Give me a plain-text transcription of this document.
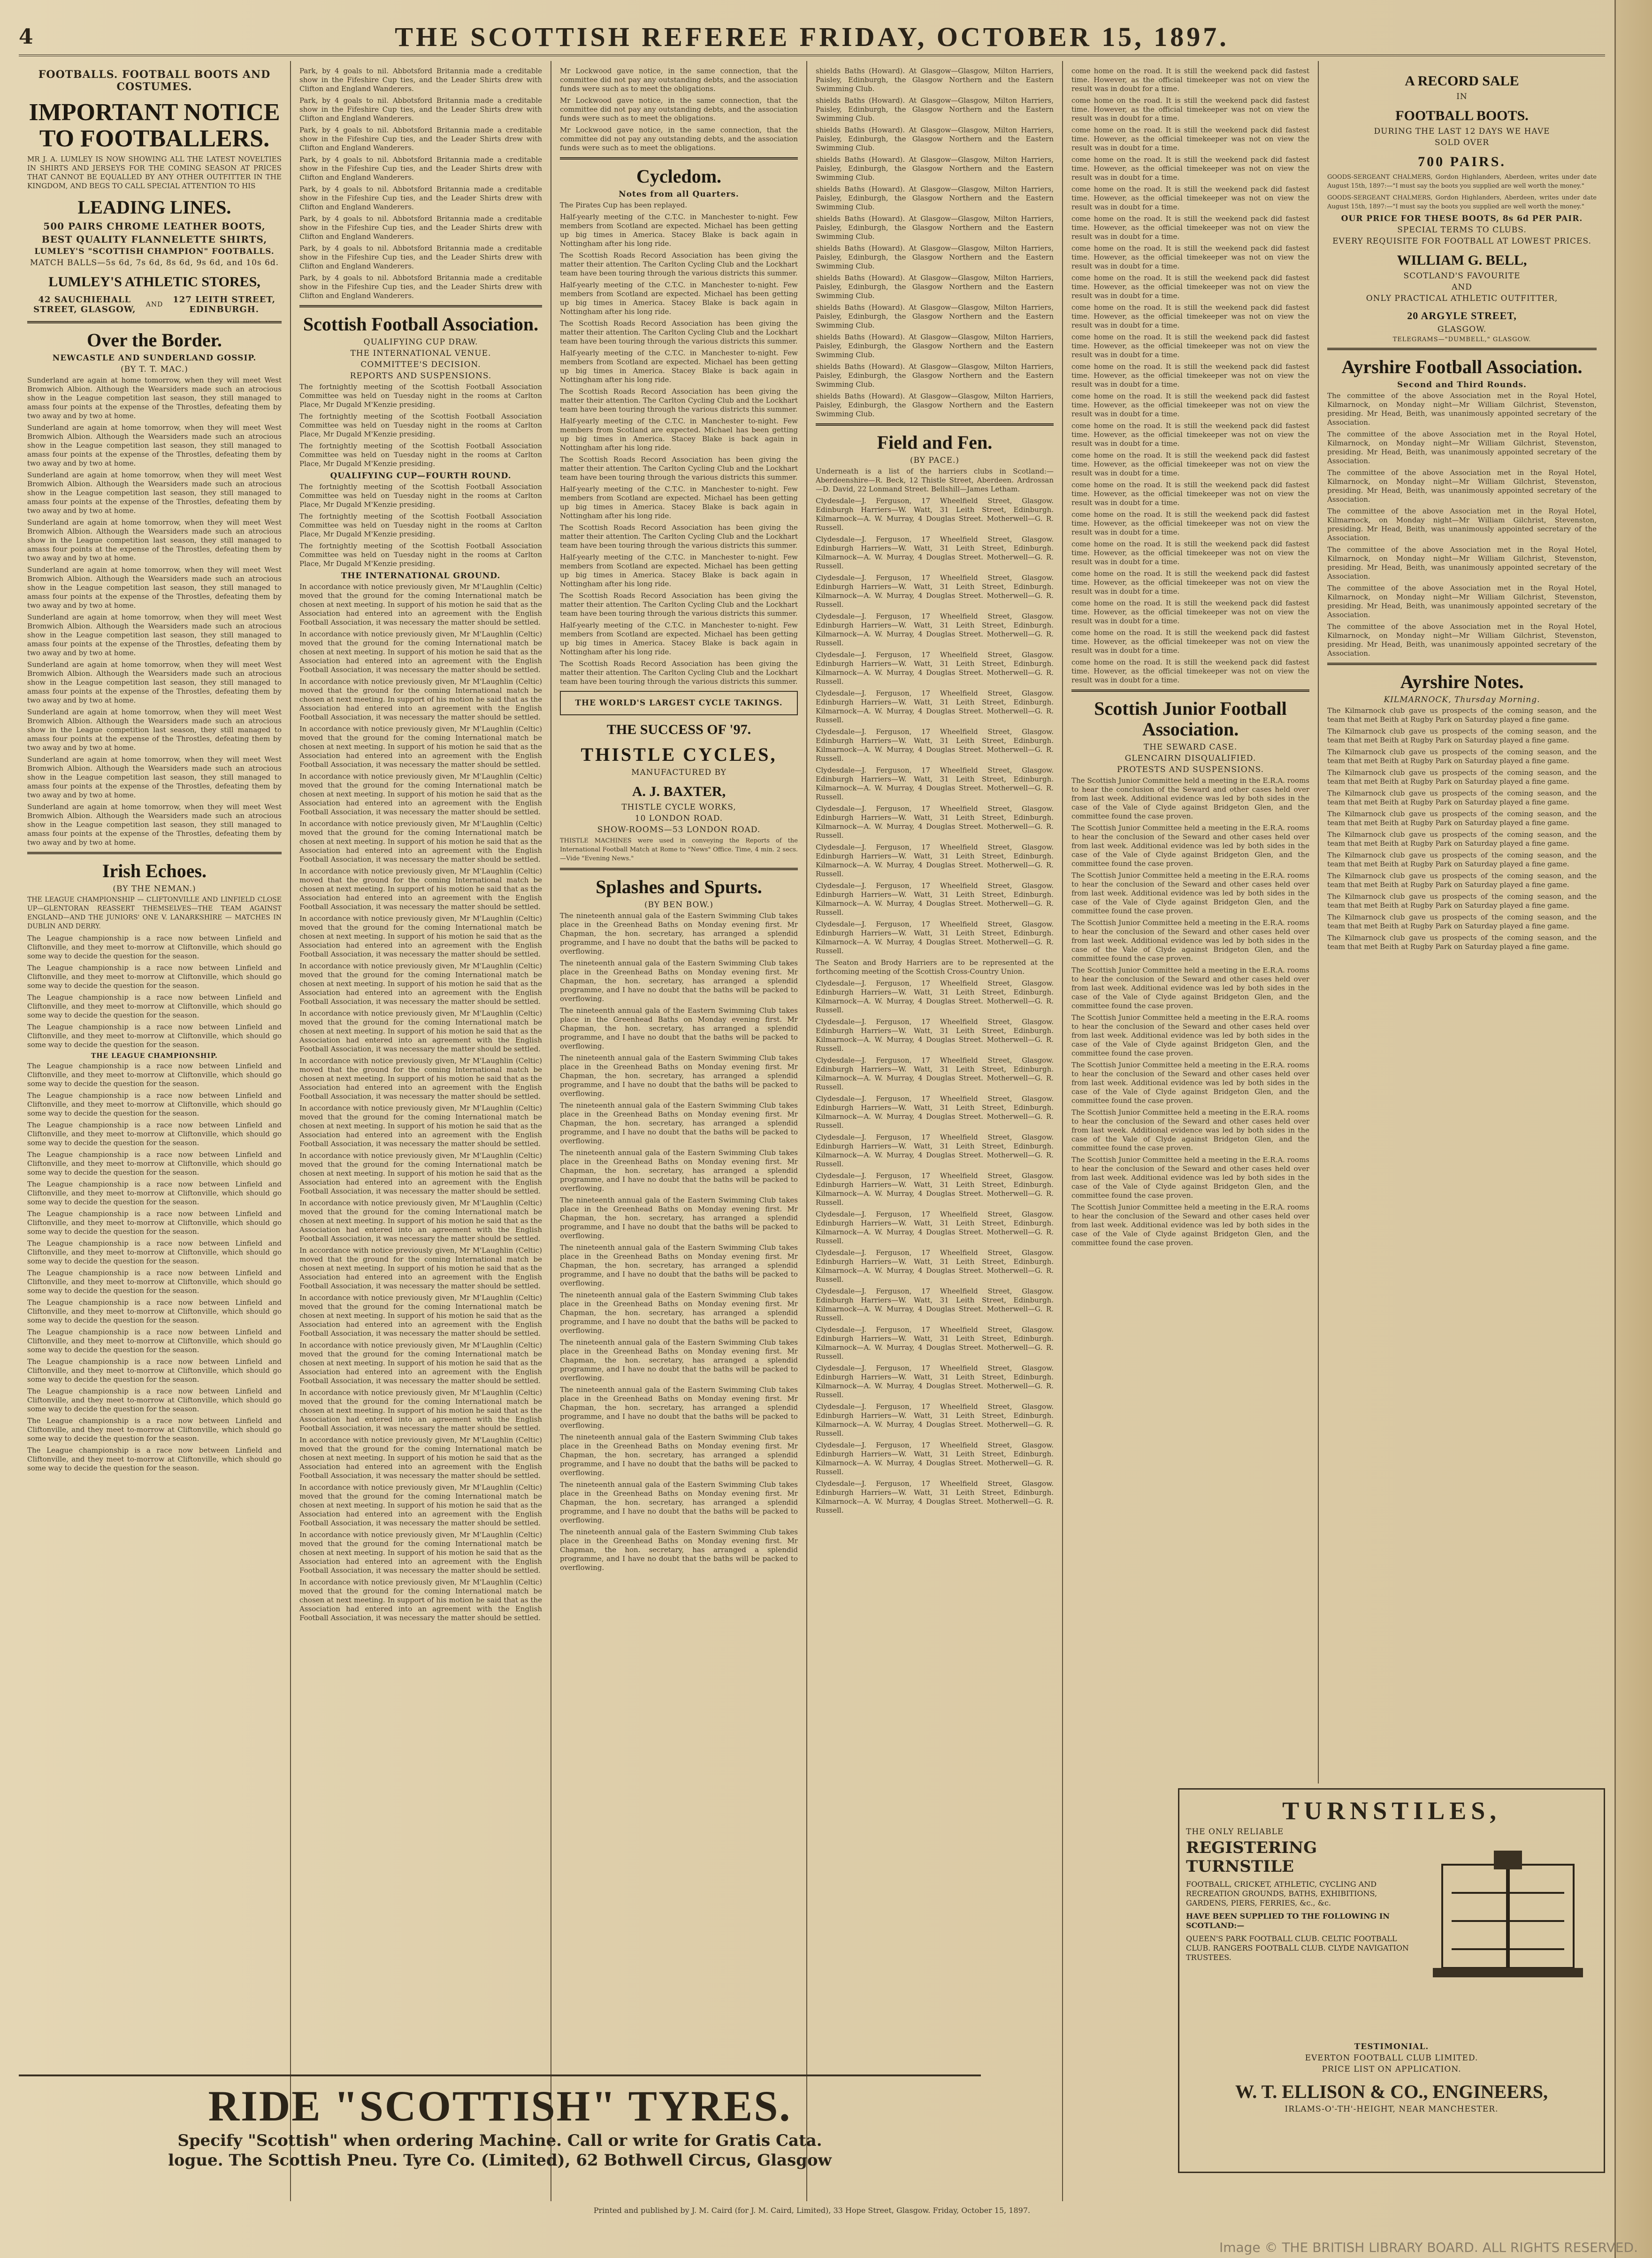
4	THE SCOTTISH REFEREE FRIDAY, OCTOBER 15, 1897.
FOOTBALLS. FOOTBALL BOOTS AND COSTUMES.
IMPORTANT NOTICE TO FOOTBALLERS.

MR J. A. LUMLEY IS NOW SHOWING ALL THE LATEST NOVELTIES IN SHIRTS AND JERSEYS FOR THE COMING SEASON AT PRICES THAT CANNOT BE EQUALLED BY ANY OTHER OUTFITTER IN THE KINGDOM, AND BEGS TO CALL SPECIAL ATTENTION TO HIS

LEADING LINES.
500 PAIRS CHROME LEATHER BOOTS,
BEST QUALITY FLANNELETTE SHIRTS,
LUMLEY'S "SCOTTISH CHAMPION" FOOTBALLS.
MATCH BALLS—5s 6d, 7s 6d, 8s 6d, 9s 6d, and 10s 6d.
LUMLEY'S ATHLETIC STORES,
42 SAUCHIEHALL STREET, GLASGOW,	AND	127 LEITH STREET, EDINBURGH.
Over the Border.
NEWCASTLE AND SUNDERLAND GOSSIP.
(BY T. T. MAC.)

Sunderland are again at home tomorrow, when they will meet West Bromwich Albion. Although the Wearsiders made such an atrocious show in the League competition last season, they still managed to amass four points at the expense of the Throstles, defeating them by two away and by two at home.

Sunderland are again at home tomorrow, when they will meet West Bromwich Albion. Although the Wearsiders made such an atrocious show in the League competition last season, they still managed to amass four points at the expense of the Throstles, defeating them by two away and by two at home.

Sunderland are again at home tomorrow, when they will meet West Bromwich Albion. Although the Wearsiders made such an atrocious show in the League competition last season, they still managed to amass four points at the expense of the Throstles, defeating them by two away and by two at home.

Sunderland are again at home tomorrow, when they will meet West Bromwich Albion. Although the Wearsiders made such an atrocious show in the League competition last season, they still managed to amass four points at the expense of the Throstles, defeating them by two away and by two at home.

Sunderland are again at home tomorrow, when they will meet West Bromwich Albion. Although the Wearsiders made such an atrocious show in the League competition last season, they still managed to amass four points at the expense of the Throstles, defeating them by two away and by two at home.

Sunderland are again at home tomorrow, when they will meet West Bromwich Albion. Although the Wearsiders made such an atrocious show in the League competition last season, they still managed to amass four points at the expense of the Throstles, defeating them by two away and by two at home.

Sunderland are again at home tomorrow, when they will meet West Bromwich Albion. Although the Wearsiders made such an atrocious show in the League competition last season, they still managed to amass four points at the expense of the Throstles, defeating them by two away and by two at home.

Sunderland are again at home tomorrow, when they will meet West Bromwich Albion. Although the Wearsiders made such an atrocious show in the League competition last season, they still managed to amass four points at the expense of the Throstles, defeating them by two away and by two at home.

Sunderland are again at home tomorrow, when they will meet West Bromwich Albion. Although the Wearsiders made such an atrocious show in the League competition last season, they still managed to amass four points at the expense of the Throstles, defeating them by two away and by two at home.

Sunderland are again at home tomorrow, when they will meet West Bromwich Albion. Although the Wearsiders made such an atrocious show in the League competition last season, they still managed to amass four points at the expense of the Throstles, defeating them by two away and by two at home.

Irish Echoes.
(BY THE NEMAN.)

THE LEAGUE CHAMPIONSHIP — CLIFTONVILLE AND LINFIELD CLOSE UP—GLENTORAN REASSERT THEMSELVES—THE TEAM AGAINST ENGLAND—AND THE JUNIORS' ONE V. LANARKSHIRE — MATCHES IN DUBLIN AND DERRY.

The League championship is a race now between Linfield and Cliftonville, and they meet to-morrow at Cliftonville, which should go some way to decide the question for the season.

The League championship is a race now between Linfield and Cliftonville, and they meet to-morrow at Cliftonville, which should go some way to decide the question for the season.

The League championship is a race now between Linfield and Cliftonville, and they meet to-morrow at Cliftonville, which should go some way to decide the question for the season.

The League championship is a race now between Linfield and Cliftonville, and they meet to-morrow at Cliftonville, which should go some way to decide the question for the season.

THE LEAGUE CHAMPIONSHIP.

The League championship is a race now between Linfield and Cliftonville, and they meet to-morrow at Cliftonville, which should go some way to decide the question for the season.

The League championship is a race now between Linfield and Cliftonville, and they meet to-morrow at Cliftonville, which should go some way to decide the question for the season.

The League championship is a race now between Linfield and Cliftonville, and they meet to-morrow at Cliftonville, which should go some way to decide the question for the season.

The League championship is a race now between Linfield and Cliftonville, and they meet to-morrow at Cliftonville, which should go some way to decide the question for the season.

The League championship is a race now between Linfield and Cliftonville, and they meet to-morrow at Cliftonville, which should go some way to decide the question for the season.

The League championship is a race now between Linfield and Cliftonville, and they meet to-morrow at Cliftonville, which should go some way to decide the question for the season.

The League championship is a race now between Linfield and Cliftonville, and they meet to-morrow at Cliftonville, which should go some way to decide the question for the season.

The League championship is a race now between Linfield and Cliftonville, and they meet to-morrow at Cliftonville, which should go some way to decide the question for the season.

The League championship is a race now between Linfield and Cliftonville, and they meet to-morrow at Cliftonville, which should go some way to decide the question for the season.

The League championship is a race now between Linfield and Cliftonville, and they meet to-morrow at Cliftonville, which should go some way to decide the question for the season.

The League championship is a race now between Linfield and Cliftonville, and they meet to-morrow at Cliftonville, which should go some way to decide the question for the season.

The League championship is a race now between Linfield and Cliftonville, and they meet to-morrow at Cliftonville, which should go some way to decide the question for the season.

The League championship is a race now between Linfield and Cliftonville, and they meet to-morrow at Cliftonville, which should go some way to decide the question for the season.

The League championship is a race now between Linfield and Cliftonville, and they meet to-morrow at Cliftonville, which should go some way to decide the question for the season.

Park, by 4 goals to nil. Abbotsford Britannia made a creditable show in the Fifeshire Cup ties, and the Leader Shirts drew with Clifton and England Wanderers.

Park, by 4 goals to nil. Abbotsford Britannia made a creditable show in the Fifeshire Cup ties, and the Leader Shirts drew with Clifton and England Wanderers.

Park, by 4 goals to nil. Abbotsford Britannia made a creditable show in the Fifeshire Cup ties, and the Leader Shirts drew with Clifton and England Wanderers.

Park, by 4 goals to nil. Abbotsford Britannia made a creditable show in the Fifeshire Cup ties, and the Leader Shirts drew with Clifton and England Wanderers.

Park, by 4 goals to nil. Abbotsford Britannia made a creditable show in the Fifeshire Cup ties, and the Leader Shirts drew with Clifton and England Wanderers.

Park, by 4 goals to nil. Abbotsford Britannia made a creditable show in the Fifeshire Cup ties, and the Leader Shirts drew with Clifton and England Wanderers.

Park, by 4 goals to nil. Abbotsford Britannia made a creditable show in the Fifeshire Cup ties, and the Leader Shirts drew with Clifton and England Wanderers.

Park, by 4 goals to nil. Abbotsford Britannia made a creditable show in the Fifeshire Cup ties, and the Leader Shirts drew with Clifton and England Wanderers.

Scottish Football Association.
QUALIFYING CUP DRAW.
THE INTERNATIONAL VENUE.
COMMITTEE'S DECISION.
REPORTS AND SUSPENSIONS.

The fortnightly meeting of the Scottish Football Association Committee was held on Tuesday night in the rooms at Carlton Place, Mr Dugald M'Kenzie presiding.

The fortnightly meeting of the Scottish Football Association Committee was held on Tuesday night in the rooms at Carlton Place, Mr Dugald M'Kenzie presiding.

The fortnightly meeting of the Scottish Football Association Committee was held on Tuesday night in the rooms at Carlton Place, Mr Dugald M'Kenzie presiding.

QUALIFYING CUP—FOURTH ROUND.

The fortnightly meeting of the Scottish Football Association Committee was held on Tuesday night in the rooms at Carlton Place, Mr Dugald M'Kenzie presiding.

The fortnightly meeting of the Scottish Football Association Committee was held on Tuesday night in the rooms at Carlton Place, Mr Dugald M'Kenzie presiding.

The fortnightly meeting of the Scottish Football Association Committee was held on Tuesday night in the rooms at Carlton Place, Mr Dugald M'Kenzie presiding.

THE INTERNATIONAL GROUND.

In accordance with notice previously given, Mr M'Laughlin (Celtic) moved that the ground for the coming International match be chosen at next meeting. In support of his motion he said that as the Association had entered into an agreement with the English Football Association, it was necessary the matter should be settled.

In accordance with notice previously given, Mr M'Laughlin (Celtic) moved that the ground for the coming International match be chosen at next meeting. In support of his motion he said that as the Association had entered into an agreement with the English Football Association, it was necessary the matter should be settled.

In accordance with notice previously given, Mr M'Laughlin (Celtic) moved that the ground for the coming International match be chosen at next meeting. In support of his motion he said that as the Association had entered into an agreement with the English Football Association, it was necessary the matter should be settled.

In accordance with notice previously given, Mr M'Laughlin (Celtic) moved that the ground for the coming International match be chosen at next meeting. In support of his motion he said that as the Association had entered into an agreement with the English Football Association, it was necessary the matter should be settled.

In accordance with notice previously given, Mr M'Laughlin (Celtic) moved that the ground for the coming International match be chosen at next meeting. In support of his motion he said that as the Association had entered into an agreement with the English Football Association, it was necessary the matter should be settled.

In accordance with notice previously given, Mr M'Laughlin (Celtic) moved that the ground for the coming International match be chosen at next meeting. In support of his motion he said that as the Association had entered into an agreement with the English Football Association, it was necessary the matter should be settled.

In accordance with notice previously given, Mr M'Laughlin (Celtic) moved that the ground for the coming International match be chosen at next meeting. In support of his motion he said that as the Association had entered into an agreement with the English Football Association, it was necessary the matter should be settled.

In accordance with notice previously given, Mr M'Laughlin (Celtic) moved that the ground for the coming International match be chosen at next meeting. In support of his motion he said that as the Association had entered into an agreement with the English Football Association, it was necessary the matter should be settled.

In accordance with notice previously given, Mr M'Laughlin (Celtic) moved that the ground for the coming International match be chosen at next meeting. In support of his motion he said that as the Association had entered into an agreement with the English Football Association, it was necessary the matter should be settled.

In accordance with notice previously given, Mr M'Laughlin (Celtic) moved that the ground for the coming International match be chosen at next meeting. In support of his motion he said that as the Association had entered into an agreement with the English Football Association, it was necessary the matter should be settled.

In accordance with notice previously given, Mr M'Laughlin (Celtic) moved that the ground for the coming International match be chosen at next meeting. In support of his motion he said that as the Association had entered into an agreement with the English Football Association, it was necessary the matter should be settled.

In accordance with notice previously given, Mr M'Laughlin (Celtic) moved that the ground for the coming International match be chosen at next meeting. In support of his motion he said that as the Association had entered into an agreement with the English Football Association, it was necessary the matter should be settled.

In accordance with notice previously given, Mr M'Laughlin (Celtic) moved that the ground for the coming International match be chosen at next meeting. In support of his motion he said that as the Association had entered into an agreement with the English Football Association, it was necessary the matter should be settled.

In accordance with notice previously given, Mr M'Laughlin (Celtic) moved that the ground for the coming International match be chosen at next meeting. In support of his motion he said that as the Association had entered into an agreement with the English Football Association, it was necessary the matter should be settled.

In accordance with notice previously given, Mr M'Laughlin (Celtic) moved that the ground for the coming International match be chosen at next meeting. In support of his motion he said that as the Association had entered into an agreement with the English Football Association, it was necessary the matter should be settled.

In accordance with notice previously given, Mr M'Laughlin (Celtic) moved that the ground for the coming International match be chosen at next meeting. In support of his motion he said that as the Association had entered into an agreement with the English Football Association, it was necessary the matter should be settled.

In accordance with notice previously given, Mr M'Laughlin (Celtic) moved that the ground for the coming International match be chosen at next meeting. In support of his motion he said that as the Association had entered into an agreement with the English Football Association, it was necessary the matter should be settled.

In accordance with notice previously given, Mr M'Laughlin (Celtic) moved that the ground for the coming International match be chosen at next meeting. In support of his motion he said that as the Association had entered into an agreement with the English Football Association, it was necessary the matter should be settled.

In accordance with notice previously given, Mr M'Laughlin (Celtic) moved that the ground for the coming International match be chosen at next meeting. In support of his motion he said that as the Association had entered into an agreement with the English Football Association, it was necessary the matter should be settled.

In accordance with notice previously given, Mr M'Laughlin (Celtic) moved that the ground for the coming International match be chosen at next meeting. In support of his motion he said that as the Association had entered into an agreement with the English Football Association, it was necessary the matter should be settled.

In accordance with notice previously given, Mr M'Laughlin (Celtic) moved that the ground for the coming International match be chosen at next meeting. In support of his motion he said that as the Association had entered into an agreement with the English Football Association, it was necessary the matter should be settled.

In accordance with notice previously given, Mr M'Laughlin (Celtic) moved that the ground for the coming International match be chosen at next meeting. In support of his motion he said that as the Association had entered into an agreement with the English Football Association, it was necessary the matter should be settled.

Mr Lockwood gave notice, in the same connection, that the committee did not pay any outstanding debts, and the association funds were such as to meet the obligations.

Mr Lockwood gave notice, in the same connection, that the committee did not pay any outstanding debts, and the association funds were such as to meet the obligations.

Mr Lockwood gave notice, in the same connection, that the committee did not pay any outstanding debts, and the association funds were such as to meet the obligations.

Cycledom.
Notes from all Quarters.

The Pirates Cup has been replayed.

Half-yearly meeting of the C.T.C. in Manchester to-night. Few members from Scotland are expected. Michael has been getting up big times in America. Stacey Blake is back again in Nottingham after his long ride.

The Scottish Roads Record Association has been giving the matter their attention. The Carlton Cycling Club and the Lockhart team have been touring through the various districts this summer.

Half-yearly meeting of the C.T.C. in Manchester to-night. Few members from Scotland are expected. Michael has been getting up big times in America. Stacey Blake is back again in Nottingham after his long ride.

The Scottish Roads Record Association has been giving the matter their attention. The Carlton Cycling Club and the Lockhart team have been touring through the various districts this summer.

Half-yearly meeting of the C.T.C. in Manchester to-night. Few members from Scotland are expected. Michael has been getting up big times in America. Stacey Blake is back again in Nottingham after his long ride.

The Scottish Roads Record Association has been giving the matter their attention. The Carlton Cycling Club and the Lockhart team have been touring through the various districts this summer.

Half-yearly meeting of the C.T.C. in Manchester to-night. Few members from Scotland are expected. Michael has been getting up big times in America. Stacey Blake is back again in Nottingham after his long ride.

The Scottish Roads Record Association has been giving the matter their attention. The Carlton Cycling Club and the Lockhart team have been touring through the various districts this summer.

Half-yearly meeting of the C.T.C. in Manchester to-night. Few members from Scotland are expected. Michael has been getting up big times in America. Stacey Blake is back again in Nottingham after his long ride.

The Scottish Roads Record Association has been giving the matter their attention. The Carlton Cycling Club and the Lockhart team have been touring through the various districts this summer.

Half-yearly meeting of the C.T.C. in Manchester to-night. Few members from Scotland are expected. Michael has been getting up big times in America. Stacey Blake is back again in Nottingham after his long ride.

The Scottish Roads Record Association has been giving the matter their attention. The Carlton Cycling Club and the Lockhart team have been touring through the various districts this summer.

Half-yearly meeting of the C.T.C. in Manchester to-night. Few members from Scotland are expected. Michael has been getting up big times in America. Stacey Blake is back again in Nottingham after his long ride.

The Scottish Roads Record Association has been giving the matter their attention. The Carlton Cycling Club and the Lockhart team have been touring through the various districts this summer.

THE WORLD'S LARGEST CYCLE TAKINGS.
THE SUCCESS OF '97.
THISTLE CYCLES,
MANUFACTURED BY
A. J. BAXTER,
THISTLE CYCLE WORKS,
10 LONDON ROAD.
SHOW-ROOMS—53 LONDON ROAD.

THISTLE MACHINES were used in conveying the Reports of the International Football Match at Rome to "News" Office. Time, 4 min. 2 secs. —Vide "Evening News."

Splashes and Spurts.
(BY BEN BOW.)

The nineteenth annual gala of the Eastern Swimming Club takes place in the Greenhead Baths on Monday evening first. Mr Chapman, the hon. secretary, has arranged a splendid programme, and I have no doubt that the baths will be packed to overflowing.

The nineteenth annual gala of the Eastern Swimming Club takes place in the Greenhead Baths on Monday evening first. Mr Chapman, the hon. secretary, has arranged a splendid programme, and I have no doubt that the baths will be packed to overflowing.

The nineteenth annual gala of the Eastern Swimming Club takes place in the Greenhead Baths on Monday evening first. Mr Chapman, the hon. secretary, has arranged a splendid programme, and I have no doubt that the baths will be packed to overflowing.

The nineteenth annual gala of the Eastern Swimming Club takes place in the Greenhead Baths on Monday evening first. Mr Chapman, the hon. secretary, has arranged a splendid programme, and I have no doubt that the baths will be packed to overflowing.

The nineteenth annual gala of the Eastern Swimming Club takes place in the Greenhead Baths on Monday evening first. Mr Chapman, the hon. secretary, has arranged a splendid programme, and I have no doubt that the baths will be packed to overflowing.

The nineteenth annual gala of the Eastern Swimming Club takes place in the Greenhead Baths on Monday evening first. Mr Chapman, the hon. secretary, has arranged a splendid programme, and I have no doubt that the baths will be packed to overflowing.

The nineteenth annual gala of the Eastern Swimming Club takes place in the Greenhead Baths on Monday evening first. Mr Chapman, the hon. secretary, has arranged a splendid programme, and I have no doubt that the baths will be packed to overflowing.

The nineteenth annual gala of the Eastern Swimming Club takes place in the Greenhead Baths on Monday evening first. Mr Chapman, the hon. secretary, has arranged a splendid programme, and I have no doubt that the baths will be packed to overflowing.

The nineteenth annual gala of the Eastern Swimming Club takes place in the Greenhead Baths on Monday evening first. Mr Chapman, the hon. secretary, has arranged a splendid programme, and I have no doubt that the baths will be packed to overflowing.

The nineteenth annual gala of the Eastern Swimming Club takes place in the Greenhead Baths on Monday evening first. Mr Chapman, the hon. secretary, has arranged a splendid programme, and I have no doubt that the baths will be packed to overflowing.

The nineteenth annual gala of the Eastern Swimming Club takes place in the Greenhead Baths on Monday evening first. Mr Chapman, the hon. secretary, has arranged a splendid programme, and I have no doubt that the baths will be packed to overflowing.

The nineteenth annual gala of the Eastern Swimming Club takes place in the Greenhead Baths on Monday evening first. Mr Chapman, the hon. secretary, has arranged a splendid programme, and I have no doubt that the baths will be packed to overflowing.

The nineteenth annual gala of the Eastern Swimming Club takes place in the Greenhead Baths on Monday evening first. Mr Chapman, the hon. secretary, has arranged a splendid programme, and I have no doubt that the baths will be packed to overflowing.

The nineteenth annual gala of the Eastern Swimming Club takes place in the Greenhead Baths on Monday evening first. Mr Chapman, the hon. secretary, has arranged a splendid programme, and I have no doubt that the baths will be packed to overflowing.

shields Baths (Howard). At Glasgow—Glasgow, Milton Harriers, Paisley, Edinburgh, the Glasgow Northern and the Eastern Swimming Club.

shields Baths (Howard). At Glasgow—Glasgow, Milton Harriers, Paisley, Edinburgh, the Glasgow Northern and the Eastern Swimming Club.

shields Baths (Howard). At Glasgow—Glasgow, Milton Harriers, Paisley, Edinburgh, the Glasgow Northern and the Eastern Swimming Club.

shields Baths (Howard). At Glasgow—Glasgow, Milton Harriers, Paisley, Edinburgh, the Glasgow Northern and the Eastern Swimming Club.

shields Baths (Howard). At Glasgow—Glasgow, Milton Harriers, Paisley, Edinburgh, the Glasgow Northern and the Eastern Swimming Club.

shields Baths (Howard). At Glasgow—Glasgow, Milton Harriers, Paisley, Edinburgh, the Glasgow Northern and the Eastern Swimming Club.

shields Baths (Howard). At Glasgow—Glasgow, Milton Harriers, Paisley, Edinburgh, the Glasgow Northern and the Eastern Swimming Club.

shields Baths (Howard). At Glasgow—Glasgow, Milton Harriers, Paisley, Edinburgh, the Glasgow Northern and the Eastern Swimming Club.

shields Baths (Howard). At Glasgow—Glasgow, Milton Harriers, Paisley, Edinburgh, the Glasgow Northern and the Eastern Swimming Club.

shields Baths (Howard). At Glasgow—Glasgow, Milton Harriers, Paisley, Edinburgh, the Glasgow Northern and the Eastern Swimming Club.

shields Baths (Howard). At Glasgow—Glasgow, Milton Harriers, Paisley, Edinburgh, the Glasgow Northern and the Eastern Swimming Club.

shields Baths (Howard). At Glasgow—Glasgow, Milton Harriers, Paisley, Edinburgh, the Glasgow Northern and the Eastern Swimming Club.

Field and Fen.
(BY PACE.)

Underneath is a list of the harriers clubs in Scotland:— Aberdeenshire—R. Beck, 12 Thistle Street, Aberdeen. Ardrossan—D. David, 22 Lonmand Street. Bellshill—James Letham.

Clydesdale—J. Ferguson, 17 Wheelfield Street, Glasgow. Edinburgh Harriers—W. Watt, 31 Leith Street, Edinburgh. Kilmarnock—A. W. Murray, 4 Douglas Street. Motherwell—G. R. Russell.

Clydesdale—J. Ferguson, 17 Wheelfield Street, Glasgow. Edinburgh Harriers—W. Watt, 31 Leith Street, Edinburgh. Kilmarnock—A. W. Murray, 4 Douglas Street. Motherwell—G. R. Russell.

Clydesdale—J. Ferguson, 17 Wheelfield Street, Glasgow. Edinburgh Harriers—W. Watt, 31 Leith Street, Edinburgh. Kilmarnock—A. W. Murray, 4 Douglas Street. Motherwell—G. R. Russell.

Clydesdale—J. Ferguson, 17 Wheelfield Street, Glasgow. Edinburgh Harriers—W. Watt, 31 Leith Street, Edinburgh. Kilmarnock—A. W. Murray, 4 Douglas Street. Motherwell—G. R. Russell.

Clydesdale—J. Ferguson, 17 Wheelfield Street, Glasgow. Edinburgh Harriers—W. Watt, 31 Leith Street, Edinburgh. Kilmarnock—A. W. Murray, 4 Douglas Street. Motherwell—G. R. Russell.

Clydesdale—J. Ferguson, 17 Wheelfield Street, Glasgow. Edinburgh Harriers—W. Watt, 31 Leith Street, Edinburgh. Kilmarnock—A. W. Murray, 4 Douglas Street. Motherwell—G. R. Russell.

Clydesdale—J. Ferguson, 17 Wheelfield Street, Glasgow. Edinburgh Harriers—W. Watt, 31 Leith Street, Edinburgh. Kilmarnock—A. W. Murray, 4 Douglas Street. Motherwell—G. R. Russell.

Clydesdale—J. Ferguson, 17 Wheelfield Street, Glasgow. Edinburgh Harriers—W. Watt, 31 Leith Street, Edinburgh. Kilmarnock—A. W. Murray, 4 Douglas Street. Motherwell—G. R. Russell.

Clydesdale—J. Ferguson, 17 Wheelfield Street, Glasgow. Edinburgh Harriers—W. Watt, 31 Leith Street, Edinburgh. Kilmarnock—A. W. Murray, 4 Douglas Street. Motherwell—G. R. Russell.

Clydesdale—J. Ferguson, 17 Wheelfield Street, Glasgow. Edinburgh Harriers—W. Watt, 31 Leith Street, Edinburgh. Kilmarnock—A. W. Murray, 4 Douglas Street. Motherwell—G. R. Russell.

Clydesdale—J. Ferguson, 17 Wheelfield Street, Glasgow. Edinburgh Harriers—W. Watt, 31 Leith Street, Edinburgh. Kilmarnock—A. W. Murray, 4 Douglas Street. Motherwell—G. R. Russell.

Clydesdale—J. Ferguson, 17 Wheelfield Street, Glasgow. Edinburgh Harriers—W. Watt, 31 Leith Street, Edinburgh. Kilmarnock—A. W. Murray, 4 Douglas Street. Motherwell—G. R. Russell.

The Seaton and Brody Harriers are to be represented at the forthcoming meeting of the Scottish Cross-Country Union.

Clydesdale—J. Ferguson, 17 Wheelfield Street, Glasgow. Edinburgh Harriers—W. Watt, 31 Leith Street, Edinburgh. Kilmarnock—A. W. Murray, 4 Douglas Street. Motherwell—G. R. Russell.

Clydesdale—J. Ferguson, 17 Wheelfield Street, Glasgow. Edinburgh Harriers—W. Watt, 31 Leith Street, Edinburgh. Kilmarnock—A. W. Murray, 4 Douglas Street. Motherwell—G. R. Russell.

Clydesdale—J. Ferguson, 17 Wheelfield Street, Glasgow. Edinburgh Harriers—W. Watt, 31 Leith Street, Edinburgh. Kilmarnock—A. W. Murray, 4 Douglas Street. Motherwell—G. R. Russell.

Clydesdale—J. Ferguson, 17 Wheelfield Street, Glasgow. Edinburgh Harriers—W. Watt, 31 Leith Street, Edinburgh. Kilmarnock—A. W. Murray, 4 Douglas Street. Motherwell—G. R. Russell.

Clydesdale—J. Ferguson, 17 Wheelfield Street, Glasgow. Edinburgh Harriers—W. Watt, 31 Leith Street, Edinburgh. Kilmarnock—A. W. Murray, 4 Douglas Street. Motherwell—G. R. Russell.

Clydesdale—J. Ferguson, 17 Wheelfield Street, Glasgow. Edinburgh Harriers—W. Watt, 31 Leith Street, Edinburgh. Kilmarnock—A. W. Murray, 4 Douglas Street. Motherwell—G. R. Russell.

Clydesdale—J. Ferguson, 17 Wheelfield Street, Glasgow. Edinburgh Harriers—W. Watt, 31 Leith Street, Edinburgh. Kilmarnock—A. W. Murray, 4 Douglas Street. Motherwell—G. R. Russell.

Clydesdale—J. Ferguson, 17 Wheelfield Street, Glasgow. Edinburgh Harriers—W. Watt, 31 Leith Street, Edinburgh. Kilmarnock—A. W. Murray, 4 Douglas Street. Motherwell—G. R. Russell.

Clydesdale—J. Ferguson, 17 Wheelfield Street, Glasgow. Edinburgh Harriers—W. Watt, 31 Leith Street, Edinburgh. Kilmarnock—A. W. Murray, 4 Douglas Street. Motherwell—G. R. Russell.

Clydesdale—J. Ferguson, 17 Wheelfield Street, Glasgow. Edinburgh Harriers—W. Watt, 31 Leith Street, Edinburgh. Kilmarnock—A. W. Murray, 4 Douglas Street. Motherwell—G. R. Russell.

Clydesdale—J. Ferguson, 17 Wheelfield Street, Glasgow. Edinburgh Harriers—W. Watt, 31 Leith Street, Edinburgh. Kilmarnock—A. W. Murray, 4 Douglas Street. Motherwell—G. R. Russell.

Clydesdale—J. Ferguson, 17 Wheelfield Street, Glasgow. Edinburgh Harriers—W. Watt, 31 Leith Street, Edinburgh. Kilmarnock—A. W. Murray, 4 Douglas Street. Motherwell—G. R. Russell.

Clydesdale—J. Ferguson, 17 Wheelfield Street, Glasgow. Edinburgh Harriers—W. Watt, 31 Leith Street, Edinburgh. Kilmarnock—A. W. Murray, 4 Douglas Street. Motherwell—G. R. Russell.

Clydesdale—J. Ferguson, 17 Wheelfield Street, Glasgow. Edinburgh Harriers—W. Watt, 31 Leith Street, Edinburgh. Kilmarnock—A. W. Murray, 4 Douglas Street. Motherwell—G. R. Russell.

come home on the road. It is still the weekend pack did fastest time. However, as the official timekeeper was not on view the result was in doubt for a time.

come home on the road. It is still the weekend pack did fastest time. However, as the official timekeeper was not on view the result was in doubt for a time.

come home on the road. It is still the weekend pack did fastest time. However, as the official timekeeper was not on view the result was in doubt for a time.

come home on the road. It is still the weekend pack did fastest time. However, as the official timekeeper was not on view the result was in doubt for a time.

come home on the road. It is still the weekend pack did fastest time. However, as the official timekeeper was not on view the result was in doubt for a time.

come home on the road. It is still the weekend pack did fastest time. However, as the official timekeeper was not on view the result was in doubt for a time.

come home on the road. It is still the weekend pack did fastest time. However, as the official timekeeper was not on view the result was in doubt for a time.

come home on the road. It is still the weekend pack did fastest time. However, as the official timekeeper was not on view the result was in doubt for a time.

come home on the road. It is still the weekend pack did fastest time. However, as the official timekeeper was not on view the result was in doubt for a time.

come home on the road. It is still the weekend pack did fastest time. However, as the official timekeeper was not on view the result was in doubt for a time.

come home on the road. It is still the weekend pack did fastest time. However, as the official timekeeper was not on view the result was in doubt for a time.

come home on the road. It is still the weekend pack did fastest time. However, as the official timekeeper was not on view the result was in doubt for a time.

come home on the road. It is still the weekend pack did fastest time. However, as the official timekeeper was not on view the result was in doubt for a time.

come home on the road. It is still the weekend pack did fastest time. However, as the official timekeeper was not on view the result was in doubt for a time.

come home on the road. It is still the weekend pack did fastest time. However, as the official timekeeper was not on view the result was in doubt for a time.

come home on the road. It is still the weekend pack did fastest time. However, as the official timekeeper was not on view the result was in doubt for a time.

come home on the road. It is still the weekend pack did fastest time. However, as the official timekeeper was not on view the result was in doubt for a time.

come home on the road. It is still the weekend pack did fastest time. However, as the official timekeeper was not on view the result was in doubt for a time.

come home on the road. It is still the weekend pack did fastest time. However, as the official timekeeper was not on view the result was in doubt for a time.

come home on the road. It is still the weekend pack did fastest time. However, as the official timekeeper was not on view the result was in doubt for a time.

come home on the road. It is still the weekend pack did fastest time. However, as the official timekeeper was not on view the result was in doubt for a time.

Scottish Junior Football Association.
THE SEWARD CASE.
GLENCAIRN DISQUALIFIED.
PROTESTS AND SUSPENSIONS.

The Scottish Junior Committee held a meeting in the E.R.A. rooms to hear the conclusion of the Seward and other cases held over from last week. Additional evidence was led by both sides in the case of the Vale of Clyde against Bridgeton Glen, and the committee found the case proven.

The Scottish Junior Committee held a meeting in the E.R.A. rooms to hear the conclusion of the Seward and other cases held over from last week. Additional evidence was led by both sides in the case of the Vale of Clyde against Bridgeton Glen, and the committee found the case proven.

The Scottish Junior Committee held a meeting in the E.R.A. rooms to hear the conclusion of the Seward and other cases held over from last week. Additional evidence was led by both sides in the case of the Vale of Clyde against Bridgeton Glen, and the committee found the case proven.

The Scottish Junior Committee held a meeting in the E.R.A. rooms to hear the conclusion of the Seward and other cases held over from last week. Additional evidence was led by both sides in the case of the Vale of Clyde against Bridgeton Glen, and the committee found the case proven.

The Scottish Junior Committee held a meeting in the E.R.A. rooms to hear the conclusion of the Seward and other cases held over from last week. Additional evidence was led by both sides in the case of the Vale of Clyde against Bridgeton Glen, and the committee found the case proven.

The Scottish Junior Committee held a meeting in the E.R.A. rooms to hear the conclusion of the Seward and other cases held over from last week. Additional evidence was led by both sides in the case of the Vale of Clyde against Bridgeton Glen, and the committee found the case proven.

The Scottish Junior Committee held a meeting in the E.R.A. rooms to hear the conclusion of the Seward and other cases held over from last week. Additional evidence was led by both sides in the case of the Vale of Clyde against Bridgeton Glen, and the committee found the case proven.

The Scottish Junior Committee held a meeting in the E.R.A. rooms to hear the conclusion of the Seward and other cases held over from last week. Additional evidence was led by both sides in the case of the Vale of Clyde against Bridgeton Glen, and the committee found the case proven.

The Scottish Junior Committee held a meeting in the E.R.A. rooms to hear the conclusion of the Seward and other cases held over from last week. Additional evidence was led by both sides in the case of the Vale of Clyde against Bridgeton Glen, and the committee found the case proven.

The Scottish Junior Committee held a meeting in the E.R.A. rooms to hear the conclusion of the Seward and other cases held over from last week. Additional evidence was led by both sides in the case of the Vale of Clyde against Bridgeton Glen, and the committee found the case proven.

A RECORD SALE
IN
FOOTBALL BOOTS.
DURING THE LAST 12 DAYS WE HAVE
SOLD OVER
700 PAIRS.

GOODS-SERGEANT CHALMERS, Gordon Highlanders, Aberdeen, writes under date August 15th, 1897:—"I must say the boots you supplied are well worth the money."

GOODS-SERGEANT CHALMERS, Gordon Highlanders, Aberdeen, writes under date August 15th, 1897:—"I must say the boots you supplied are well worth the money."

OUR PRICE FOR THESE BOOTS, 8s 6d PER PAIR.
SPECIAL TERMS TO CLUBS.
EVERY REQUISITE FOR FOOTBALL AT LOWEST PRICES.
WILLIAM G. BELL,
SCOTLAND'S FAVOURITE
AND
ONLY PRACTICAL ATHLETIC OUTFITTER,
20 ARGYLE STREET,
GLASGOW.
TELEGRAMS—"DUMBELL," GLASGOW.
Ayrshire Football Association.
Second and Third Rounds.

The committee of the above Association met in the Royal Hotel, Kilmarnock, on Monday night—Mr William Gilchrist, Stevenston, presiding. Mr Head, Beith, was unanimously appointed secretary of the Association.

The committee of the above Association met in the Royal Hotel, Kilmarnock, on Monday night—Mr William Gilchrist, Stevenston, presiding. Mr Head, Beith, was unanimously appointed secretary of the Association.

The committee of the above Association met in the Royal Hotel, Kilmarnock, on Monday night—Mr William Gilchrist, Stevenston, presiding. Mr Head, Beith, was unanimously appointed secretary of the Association.

The committee of the above Association met in the Royal Hotel, Kilmarnock, on Monday night—Mr William Gilchrist, Stevenston, presiding. Mr Head, Beith, was unanimously appointed secretary of the Association.

The committee of the above Association met in the Royal Hotel, Kilmarnock, on Monday night—Mr William Gilchrist, Stevenston, presiding. Mr Head, Beith, was unanimously appointed secretary of the Association.

The committee of the above Association met in the Royal Hotel, Kilmarnock, on Monday night—Mr William Gilchrist, Stevenston, presiding. Mr Head, Beith, was unanimously appointed secretary of the Association.

The committee of the above Association met in the Royal Hotel, Kilmarnock, on Monday night—Mr William Gilchrist, Stevenston, presiding. Mr Head, Beith, was unanimously appointed secretary of the Association.

Ayrshire Notes.
KILMARNOCK, Thursday Morning.

The Kilmarnock club gave us prospects of the coming season, and the team that met Beith at Rugby Park on Saturday played a fine game.

The Kilmarnock club gave us prospects of the coming season, and the team that met Beith at Rugby Park on Saturday played a fine game.

The Kilmarnock club gave us prospects of the coming season, and the team that met Beith at Rugby Park on Saturday played a fine game.

The Kilmarnock club gave us prospects of the coming season, and the team that met Beith at Rugby Park on Saturday played a fine game.

The Kilmarnock club gave us prospects of the coming season, and the team that met Beith at Rugby Park on Saturday played a fine game.

The Kilmarnock club gave us prospects of the coming season, and the team that met Beith at Rugby Park on Saturday played a fine game.

The Kilmarnock club gave us prospects of the coming season, and the team that met Beith at Rugby Park on Saturday played a fine game.

The Kilmarnock club gave us prospects of the coming season, and the team that met Beith at Rugby Park on Saturday played a fine game.

The Kilmarnock club gave us prospects of the coming season, and the team that met Beith at Rugby Park on Saturday played a fine game.

The Kilmarnock club gave us prospects of the coming season, and the team that met Beith at Rugby Park on Saturday played a fine game.

The Kilmarnock club gave us prospects of the coming season, and the team that met Beith at Rugby Park on Saturday played a fine game.

The Kilmarnock club gave us prospects of the coming season, and the team that met Beith at Rugby Park on Saturday played a fine game.

RIDE "SCOTTISH" TYRES.
Specify "Scottish" when ordering Machine. Call or write for Gratis Cata.
logue. The Scottish Pneu. Tyre Co. (Limited), 62 Bothwell Circus, Glasgow
TURNSTILES,
THE ONLY RELIABLE
REGISTERING TURNSTILE
FOOTBALL, CRICKET, ATHLETIC, CYCLING AND RECREATION GROUNDS, BATHS, EXHIBITIONS, GARDENS, PIERS, FERRIES, &c., &c.
HAVE BEEN SUPPLIED TO THE FOLLOWING IN SCOTLAND:—
QUEEN'S PARK FOOTBALL CLUB. CELTIC FOOTBALL CLUB. RANGERS FOOTBALL CLUB. CLYDE NAVIGATION TRUSTEES.
TESTIMONIAL.
EVERTON FOOTBALL CLUB LIMITED.
PRICE LIST ON APPLICATION.
W. T. ELLISON & CO., ENGINEERS,
IRLAMS-O'-TH'-HEIGHT, NEAR MANCHESTER.
Printed and published by J. M. Caird (for J. M. Caird, Limited), 33 Hope Street, Glasgow. Friday, October 15, 1897.
Image © THE BRITISH LIBRARY BOARD. ALL RIGHTS RESERVED.
